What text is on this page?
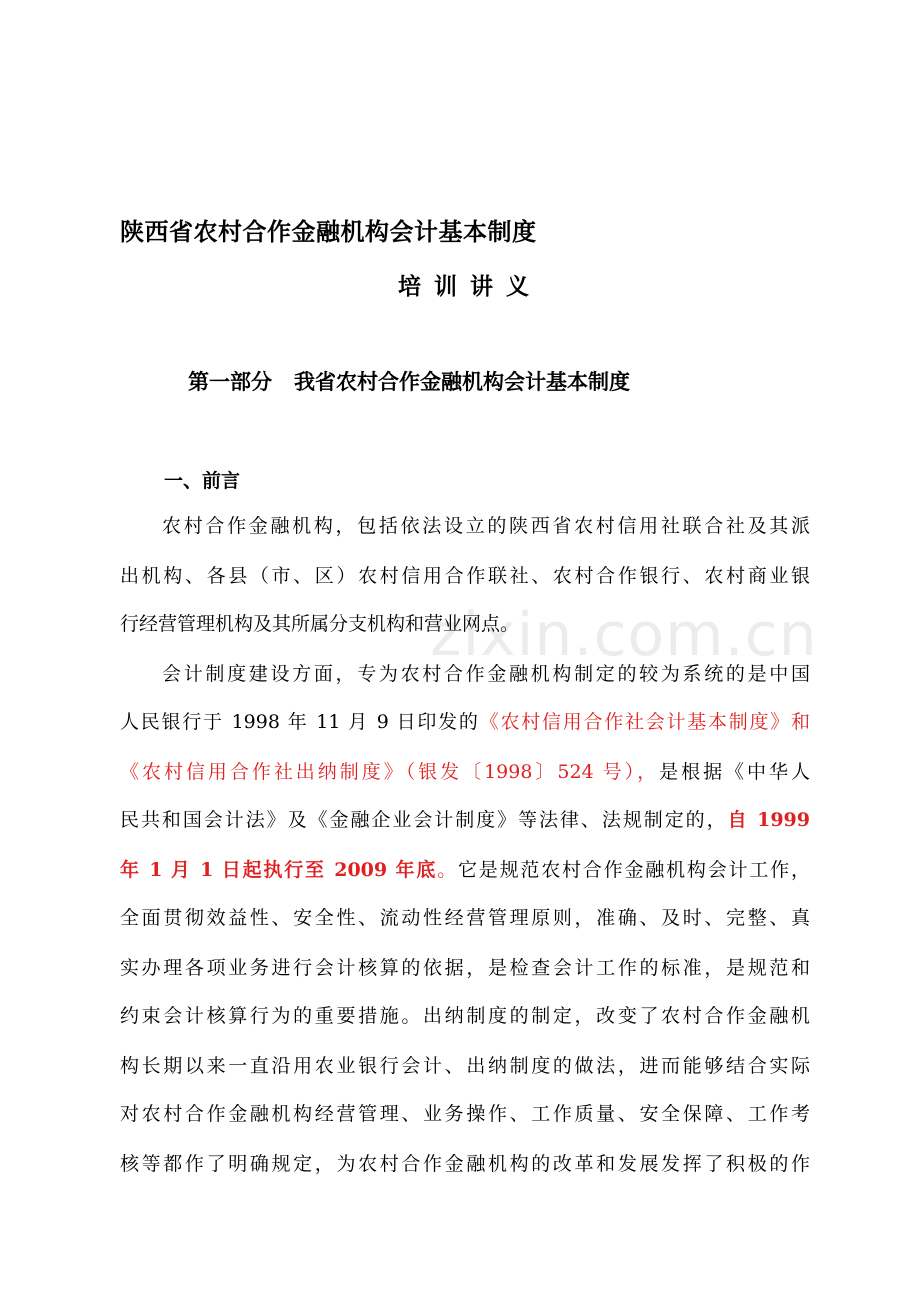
陕西省农村合作金融机构会计基本制度
培训讲义
第一部分 我省农村合作金融机构会计基本制度
一、前言
农村合作金融机构，包括依法设立的陕西省农村信用社联合社及其派
出机构、各县（市、区）农村信用合作联社、农村合作银行、农村商业银
行经营管理机构及其所属分支机构和营业网点。
zixin.com.cn
会计制度建设方面，专为农村合作金融机构制定的较为系统的是中国
人民银行于 1998 年 11 月 9 日印发的《农村信用合作社会计基本制度》和
《农村信用合作社出纳制度》（银发〔1998〕524 号），是根据《中华人
民共和国会计法》及《金融企业会计制度》等法律、法规制定的，自 1999
年 1 月 1 日起执行至 2009 年底。它是规范农村合作金融机构会计工作，
全面贯彻效益性、安全性、流动性经营管理原则，准确、及时、完整、真
实办理各项业务进行会计核算的依据，是检查会计工作的标准，是规范和
约束会计核算行为的重要措施。出纳制度的制定，改变了农村合作金融机
构长期以来一直沿用农业银行会计、出纳制度的做法，进而能够结合实际
对农村合作金融机构经营管理、业务操作、工作质量、安全保障、工作考
核等都作了明确规定，为农村合作金融机构的改革和发展发挥了积极的作
